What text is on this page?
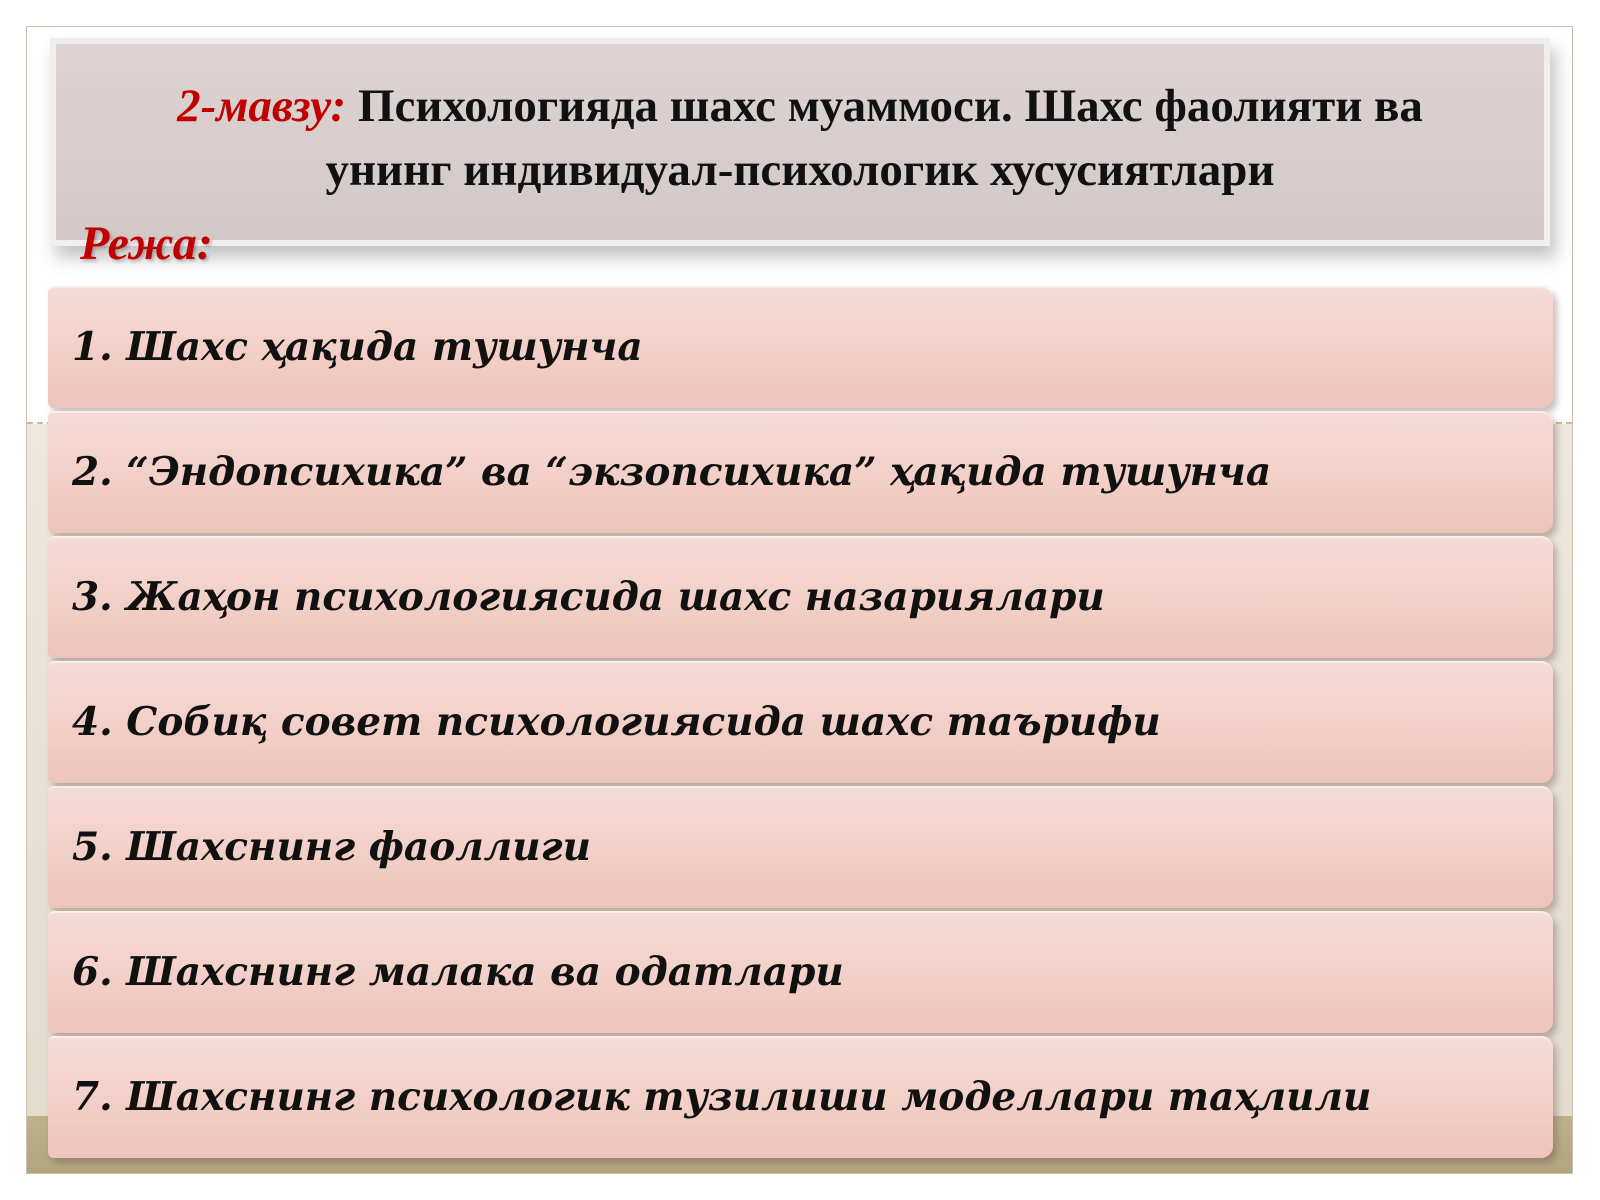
2-мавзу: Психологияда шахс муаммоси. Шахс фаолияти ва
унинг индивидуал-психологик хусусиятлари
Режа:
1. Шахс ҳақида тушунча
2. “Эндопсихика” ва “экзопсихика” ҳақида тушунча
3. Жаҳон психологиясида шахс назариялари
4. Собиқ совет психологиясида шахс таърифи
5. Шахснинг фаоллиги
6. Шахснинг малака ва одатлари
7. Шахснинг психологик тузилиши моделлари таҳлили
